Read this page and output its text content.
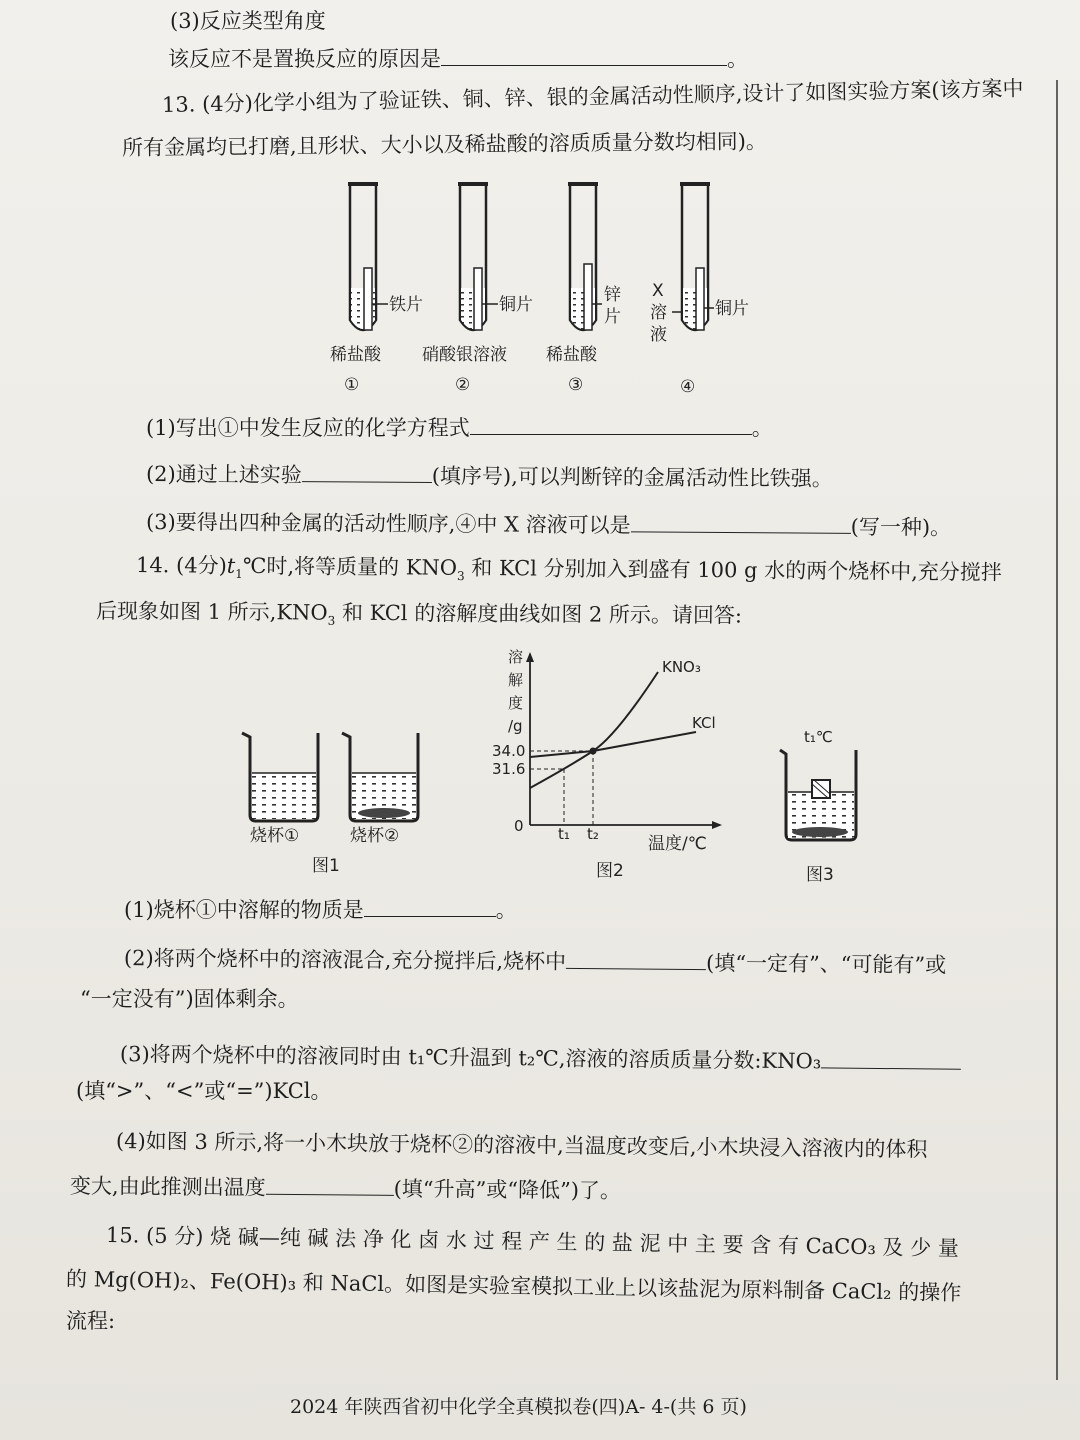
(3)反应类型角度
该反应不是置换反应的原因是	。
13. (4分)化学小组为了验证铁、铜、锌、银的金属活动性顺序,设计了如图实验方案(该方案中
所有金属均已打磨,且形状、大小以及稀盐酸的溶质质量分数均相同)。
铁片
稀盐酸
①
铜片
硝酸银溶液
②
锌
片
稀盐酸
③
铜片
X
溶
液
④
(1)写出①中发生反应的化学方程式	。
(2)通过上述实验	(填序号),可以判断锌的金属活动性比铁强。
(3)要得出四种金属的活动性顺序,④中 X 溶液可以是	(写一种)。
14. (4分)$t_1℃$时,将等质量的 $KNO_3$ 和 KCl 分别加入到盛有 100 g 水的两个烧杯中,充分搅拌
后现象如图 1 所示$,KNO_3$ 和 KCl 的溶解度曲线如图 2 所示。请回答:
烧杯①	烧杯②
图1
溶
解
度
/g
0
34.0
31.6
t₁ t₂	温度/℃
KNO₃
KCl
图2
t₁℃
图3
(1)烧杯①中溶解的物质是	。
(2)将两个烧杯中的溶液混合,充分搅拌后,烧杯中	(填“一定有”、“可能有”或
“一定没有”)固体剩余。
(3)将两个烧杯中的溶液同时由 t₁℃升温到 t₂℃,溶液的溶质质量分数:KNO₃
(填“>”、“<”或“=”)KCl。
(4)如图 3 所示,将一小木块放于烧杯②的溶液中,当温度改变后,小木块浸入溶液内的体积
变大,由此推测出温度	(填“升高”或“降低”)了。
15. (5 分) 烧 碱—纯 碱 法 净 化 卤 水 过 程 产 生 的 盐 泥 中 主 要 含 有 CaCO₃ 及 少 量
的 Mg(OH)₂、Fe(OH)₃ 和 NaCl。如图是实验室模拟工业上以该盐泥为原料制备 CaCl₂ 的操作
流程:
2024 年陕西省初中化学全真模拟卷(四)A- 4-(共 6 页)
